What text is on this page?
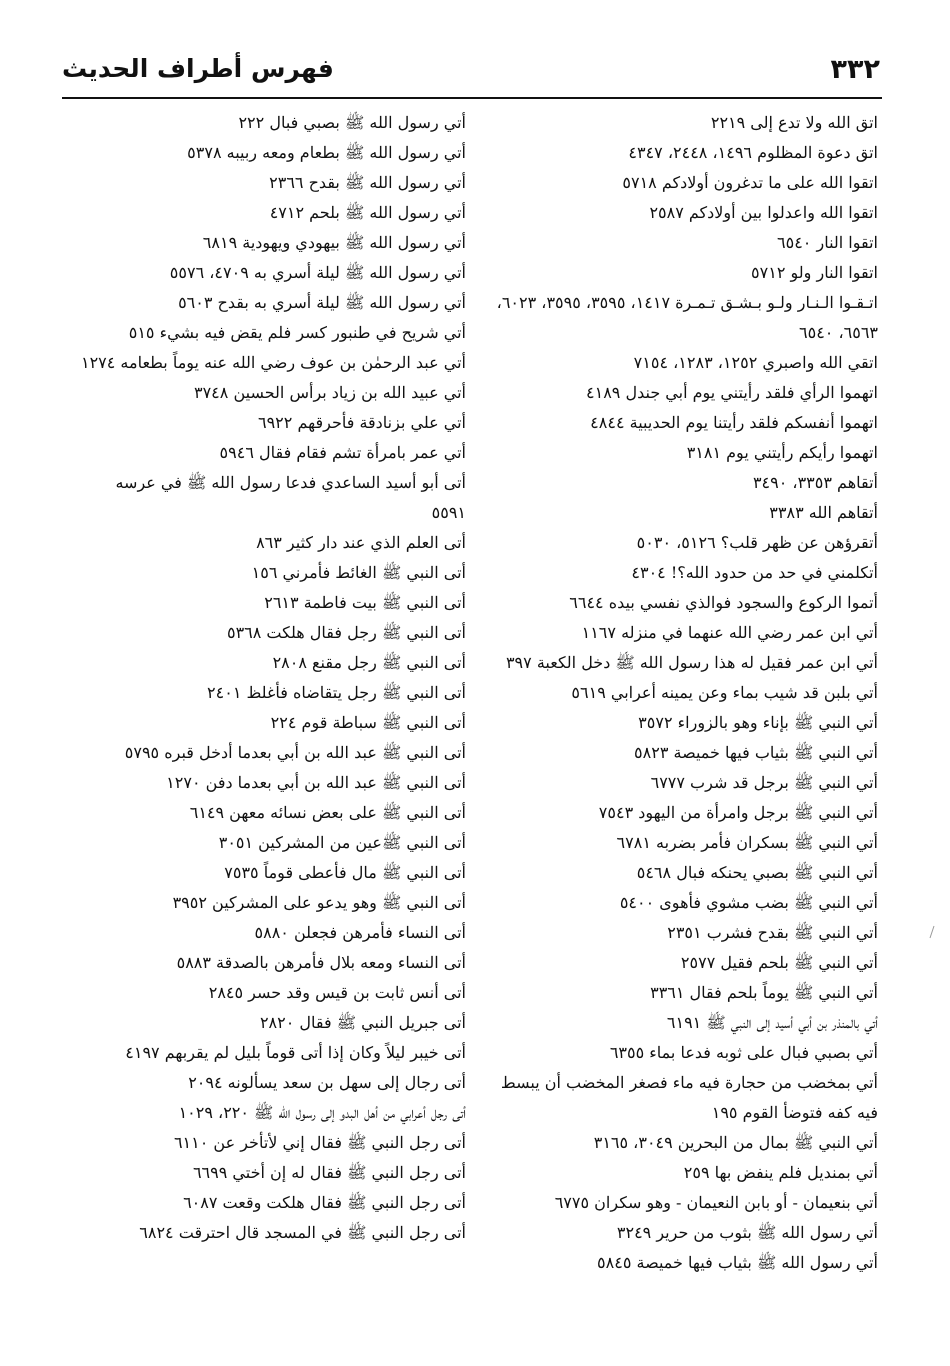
٣٣٢
فهرس أطراف الحديث
اتق الله ولا تدع إلى ٢٢١٩
اتق دعوة المظلوم ١٤٩٦، ٢٤٤٨، ٤٣٤٧
اتقوا الله على ما تدغرون أولادكم ٥٧١٨
اتقوا الله واعدلوا بين أولادكم ٢٥٨٧
اتقوا النار ٦٥٤٠
اتقوا النار ولو ٥٧١٢
اتـقـوا الـنـار ولـو بـشـق تـمـرة ١٤١٧، ٣٥٩٥، ٣٥٩٥، ٦٠٢٣، ٦٥٦٣، ٦٥٤٠
اتقي الله واصبري ١٢٥٢، ١٢٨٣، ٧١٥٤
اتهموا الرأي فلقد رأيتني يوم أبي جندل ٤١٨٩
اتهموا أنفسكم فلقد رأيتنا يوم الحديبية ٤٨٤٤
اتهموا رأيكم رأيتني يوم ٣١٨١
أتقاهم ٣٣٥٣، ٣٤٩٠
أتقاهم الله ٣٣٨٣
أتقرؤهن عن ظهر قلب؟ ٥١٢٦، ٥٠٣٠
أتكلمني في حد من حدود الله؟! ٤٣٠٤
أتموا الركوع والسجود فوالذي نفسي بيده ٦٦٤٤
أتي ابن عمر رضي الله عنهما في منزله ١١٦٧
أتي ابن عمر فقيل له هذا رسول الله ﷺ دخل الكعبة ٣٩٧
أتي بلبن قد شيب بماء وعن يمينه أعرابي ٥٦١٩
أتي النبي ﷺ بإناء وهو بالزوراء ٣٥٧٢
أتي النبي ﷺ بثياب فيها خميصة ٥٨٢٣
أتي النبي ﷺ برجل قد شرب ٦٧٧٧
أتي النبي ﷺ برجل وامرأة من اليهود ٧٥٤٣
أتي النبي ﷺ بسكران فأمر بضربه ٦٧٨١
أتي النبي ﷺ بصبي يحنكه فبال ٥٤٦٨
أتي النبي ﷺ بضب مشوي فأهوى ٥٤٠٠
أتي النبي ﷺ بقدح فشرب ٢٣٥١
أتي النبي ﷺ بلحم فقيل ٢٥٧٧
أتي النبي ﷺ يوماً بلحم فقال ٣٣٦١
أتي بالمنذر بن أبي أسيد إلى النبي ﷺ ٦١٩١
أتي بصبي فبال على ثوبه فدعا بماء ٦٣٥٥
أتي بمخضب من حجارة فيه ماء فصغر المخضب أن يبسط فيه كفه فتوضأ القوم ١٩٥
أتي النبي ﷺ بمال من البحرين ٣٠٤٩، ٣١٦٥
أتي بمنديل فلم ينفض بها ٢٥٩
أتي بنعيمان - أو بابن النعيمان - وهو سكران ٦٧٧٥
أتي رسول الله ﷺ بثوب من حرير ٣٢٤٩
أتي رسول الله ﷺ بثياب فيها خميصة ٥٨٤٥
أتي رسول الله ﷺ بصبي فبال ٢٢٢
أتي رسول الله ﷺ بطعام ومعه ربيبه ٥٣٧٨
أتي رسول الله ﷺ بقدح ٢٣٦٦
أتي رسول الله ﷺ بلحم ٤٧١٢
أتي رسول الله ﷺ بيهودي ويهودية ٦٨١٩
أتي رسول الله ﷺ ليلة أسري به ٤٧٠٩، ٥٥٧٦
أتي رسول الله ﷺ ليلة أسري به بقدح ٥٦٠٣
أتي شريح في طنبور كسر فلم يقض فيه بشيء ٥١٥
أتي عبد الرحمٰن بن عوف رضي الله عنه يوماً بطعامه ١٢٧٤
أتي عبيد الله بن زياد برأس الحسين ٣٧٤٨
أتي علي بزنادقة فأحرقهم ٦٩٢٢
أتي عمر بامرأة تشم فقام فقال ٥٩٤٦
أتى أبو أسيد الساعدي فدعا رسول الله ﷺ في عرسه ٥٥٩١
أتى العلم الذي عند دار كثير ٨٦٣
أتى النبي ﷺ الغائط فأمرني ١٥٦
أتى النبي ﷺ بيت فاطمة ٢٦١٣
أتى النبي ﷺ رجل فقال هلكت ٥٣٦٨
أتى النبي ﷺ رجل مقنع ٢٨٠٨
أتى النبي ﷺ رجل يتقاضاه فأغلظ ٢٤٠١
أتى النبي ﷺ سباطة قوم ٢٢٤
أتى النبي ﷺ عبد الله بن أبي بعدما أدخل قبره ٥٧٩٥
أتى النبي ﷺ عبد الله بن أبي بعدما دفن ١٢٧٠
أتى النبي ﷺ على بعض نسائه معهن ٦١٤٩
أتى النبي ﷺعين من المشركين ٣٠٥١
أتى النبي ﷺ مال فأعطى قوماً ٧٥٣٥
أتى النبي ﷺ وهو يدعو على المشركين ٣٩٥٢
أتى النساء فأمرهن فجعلن ٥٨٨٠
أتى النساء ومعه بلال فأمرهن بالصدقة ٥٨٨٣
أتى أنس ثابت بن قيس وقد حسر ٢٨٤٥
أتى جبريل النبي ﷺ فقال ٢٨٢٠
أتى خيبر ليلاً وكان إذا أتى قوماً بليل لم يقربهم ٤١٩٧
أتى رجال إلى سهل بن سعد يسألونه ٢٠٩٤
أتى رجل أعرابي من أهل البدو إلى رسول الله ﷺ ٢٢٠، ١٠٢٩
أتى رجل النبي ﷺ فقال إني لأتأخر عن ٦١١٠
أتى رجل النبي ﷺ فقال له إن أختي ٦٦٩٩
أتى رجل النبي ﷺ فقال هلكت وقعت ٦٠٨٧
أتى رجل النبي ﷺ في المسجد قال احترقت ٦٨٢٤
